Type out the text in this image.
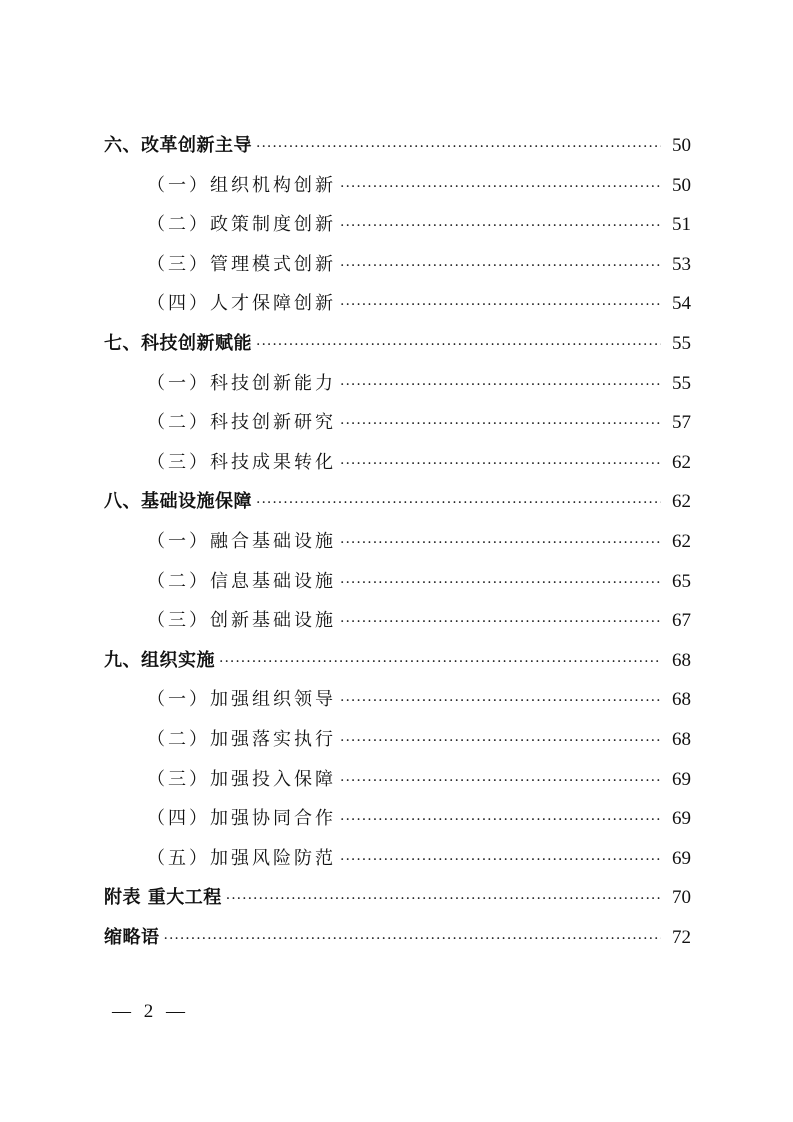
六、改革创新主导 ·····	50
（一）组织机构创新 ·····	50
（二）政策制度创新 ·····	51
（三）管理模式创新 ·····	53
（四）人才保障创新 ·····	54
七、科技创新赋能 ·····	55
（一）科技创新能力 ·····	55
（二）科技创新研究 ·····	57
（三）科技成果转化 ·····	62
八、基础设施保障 ·····	62
（一）融合基础设施 ·····	62
（二）信息基础设施 ·····	65
（三）创新基础设施 ·····	67
九、组织实施 ·····	68
（一）加强组织领导 ·····	68
（二）加强落实执行 ·····	68
（三）加强投入保障 ·····	69
（四）加强协同合作 ·····	69
（五）加强风险防范 ·····	69
附表 重大工程 ·····	70
缩略语 ·····	72
— 2 —
